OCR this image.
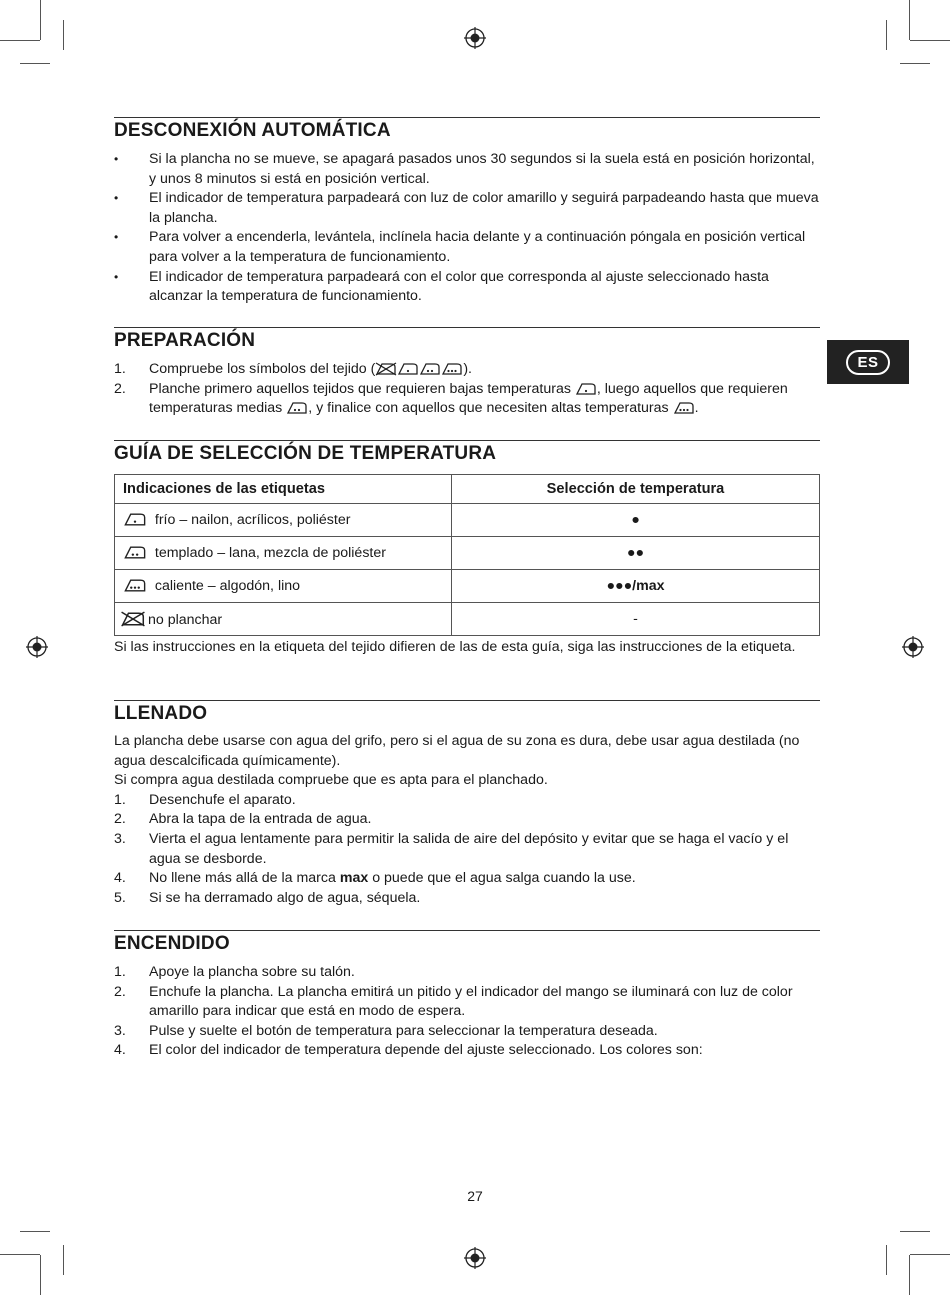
ES
DESCONEXIÓN AUTOMÁTICA
• Si la plancha no se mueve, se apagará pasados unos 30 segundos si la suela está en posición horizontal, y unos 8 minutos si está en posición vertical.
• El indicador de temperatura parpadeará con luz de color amarillo y seguirá parpadeando hasta que mueva la plancha.
• Para volver a encenderla, levántela, inclínela hacia delante y a continuación póngala en posición vertical para volver a la temperatura de funcionamiento.
• El indicador de temperatura parpadeará con el color que corresponda al ajuste seleccionado hasta alcanzar la temperatura de funcionamiento.
PREPARACIÓN
1. Compruebe los símbolos del tejido (	).
2. Planche primero aquellos tejidos que requieren bajas temperaturas , luego aquellos que requieren temperaturas medias , y finalice con aquellos que necesiten altas temperaturas .
GUÍA DE SELECCIÓN DE TEMPERATURA
Indicaciones de las etiquetas	Selección de temperatura
frío – nailon, acrílicos, poliéster	●
templado – lana, mezcla de poliéster	●●
caliente – algodón, lino	●●●/max
no planchar	-
Si las instrucciones en la etiqueta del tejido difieren de las de esta guía, siga las instrucciones de la etiqueta.
LLENADO
La plancha debe usarse con agua del grifo, pero si el agua de su zona es dura, debe usar agua destilada (no agua descalcificada químicamente).
Si compra agua destilada compruebe que es apta para el planchado.
1. Desenchufe el aparato.
2. Abra la tapa de la entrada de agua.
3. Vierta el agua lentamente para permitir la salida de aire del depósito y evitar que se haga el vacío y el agua se desborde.
4. No llene más allá de la marca max o puede que el agua salga cuando la use.
5. Si se ha derramado algo de agua, séquela.
ENCENDIDO
1. Apoye la plancha sobre su talón.
2. Enchufe la plancha. La plancha emitirá un pitido y el indicador del mango se iluminará con luz de color amarillo para indicar que está en modo de espera.
3. Pulse y suelte el botón de temperatura para seleccionar la temperatura deseada.
4. El color del indicador de temperatura depende del ajuste seleccionado. Los colores son:
27
